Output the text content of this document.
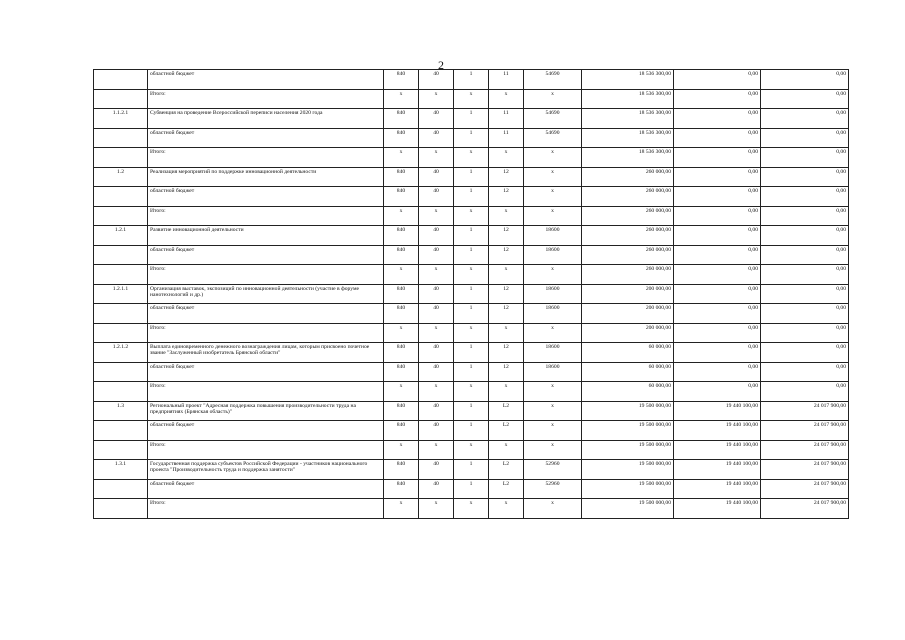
2
	областной бюджет	840	40	1	11	54690	18 536 300,00	0,00	0,00
	Итого:	x	x	x	x	x	18 536 300,00	0,00	0,00
1.1.2.1	Субвенция на проведение Всероссийской переписи населения 2020 года	840	40	1	11	54690	18 536 300,00	0,00	0,00
	областной бюджет	840	40	1	11	54690	18 536 300,00	0,00	0,00
	Итого:	x	x	x	x	x	18 536 300,00	0,00	0,00
1.2	Реализация мероприятий по поддержке инновационной деятельности	840	40	1	12	x	260 000,00	0,00	0,00
	областной бюджет	840	40	1	12	x	260 000,00	0,00	0,00
	Итого:	x	x	x	x	x	260 000,00	0,00	0,00
1.2.1	Развитие инновационной деятельности	840	40	1	12	18600	260 000,00	0,00	0,00
	областной бюджет	840	40	1	12	18600	260 000,00	0,00	0,00
	Итого:	x	x	x	x	x	260 000,00	0,00	0,00
1.2.1.1	Организация выставок, экспозиций по инновационной деятельности (участие в форуме нанотехнологий и др.)	840	40	1	12	18600	200 000,00	0,00	0,00
	областной бюджет	840	40	1	12	18600	200 000,00	0,00	0,00
	Итого:	x	x	x	x	x	200 000,00	0,00	0,00
1.2.1.2	Выплата единовременного денежного вознаграждения лицам, которым присвоено почетное звание "Заслуженный изобретатель Брянской области"	840	40	1	12	18600	60 000,00	0,00	0,00
	областной бюджет	840	40	1	12	18600	60 000,00	0,00	0,00
	Итого:	x	x	x	x	x	60 000,00	0,00	0,00
1.3	Региональный проект "Адресная поддержка повышения производительности труда на предприятиях (Брянская область)"	840	40	1	L2	x	19 500 000,00	19 440 100,00	24 017 900,00
	областной бюджет	840	40	1	L2	x	19 500 000,00	19 440 100,00	24 017 900,00
	Итого:	x	x	x	x	x	19 500 000,00	19 440 100,00	24 017 900,00
1.3.1	Государственная поддержка субъектов Российской Федерации - участников национального проекта "Производительность труда и поддержка занятости"	840	40	1	L2	52960	19 500 000,00	19 440 100,00	24 017 900,00
	областной бюджет	840	40	1	L2	52960	19 500 000,00	19 440 100,00	24 017 900,00
	Итого:	x	x	x	x	x	19 500 000,00	19 440 100,00	24 017 900,00
